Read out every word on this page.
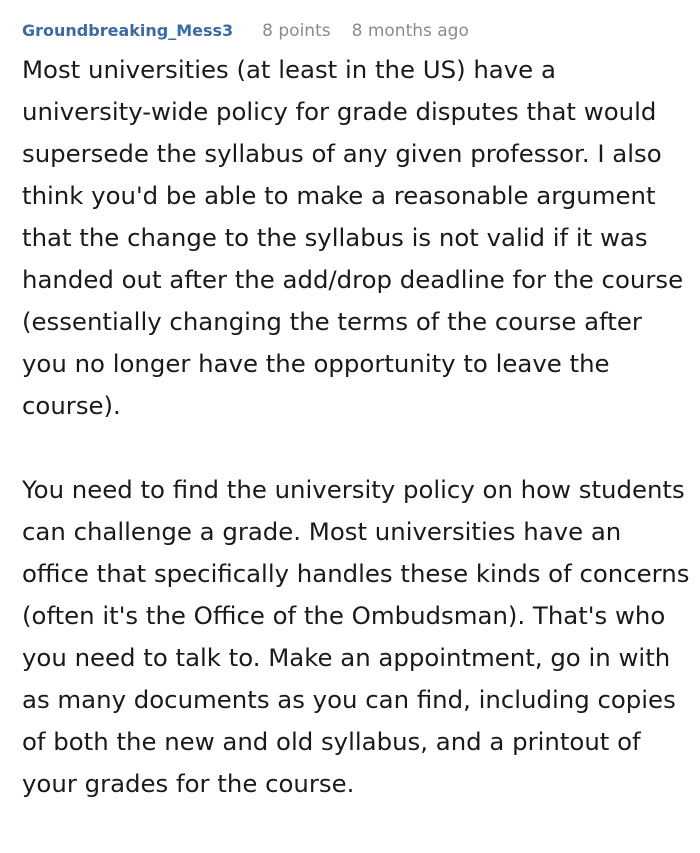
Groundbreaking_Mess3 8 points 8 months ago

Most universities (at least in the US) have a university-wide policy for grade disputes that would supersede the syllabus of any given professor. I also think you'd be able to make a reasonable argument that the change to the syllabus is not valid if it was handed out after the add/drop deadline for the course (essentially changing the terms of the course after you no longer have the opportunity to leave the course).

You need to find the university policy on how students can challenge a grade. Most universities have an office that specifically handles these kinds of concerns (often it's the Office of the Ombudsman). That's who you need to talk to. Make an appointment, go in with as many documents as you can find, including copies of both the new and old syllabus, and a printout of your grades for the course.
